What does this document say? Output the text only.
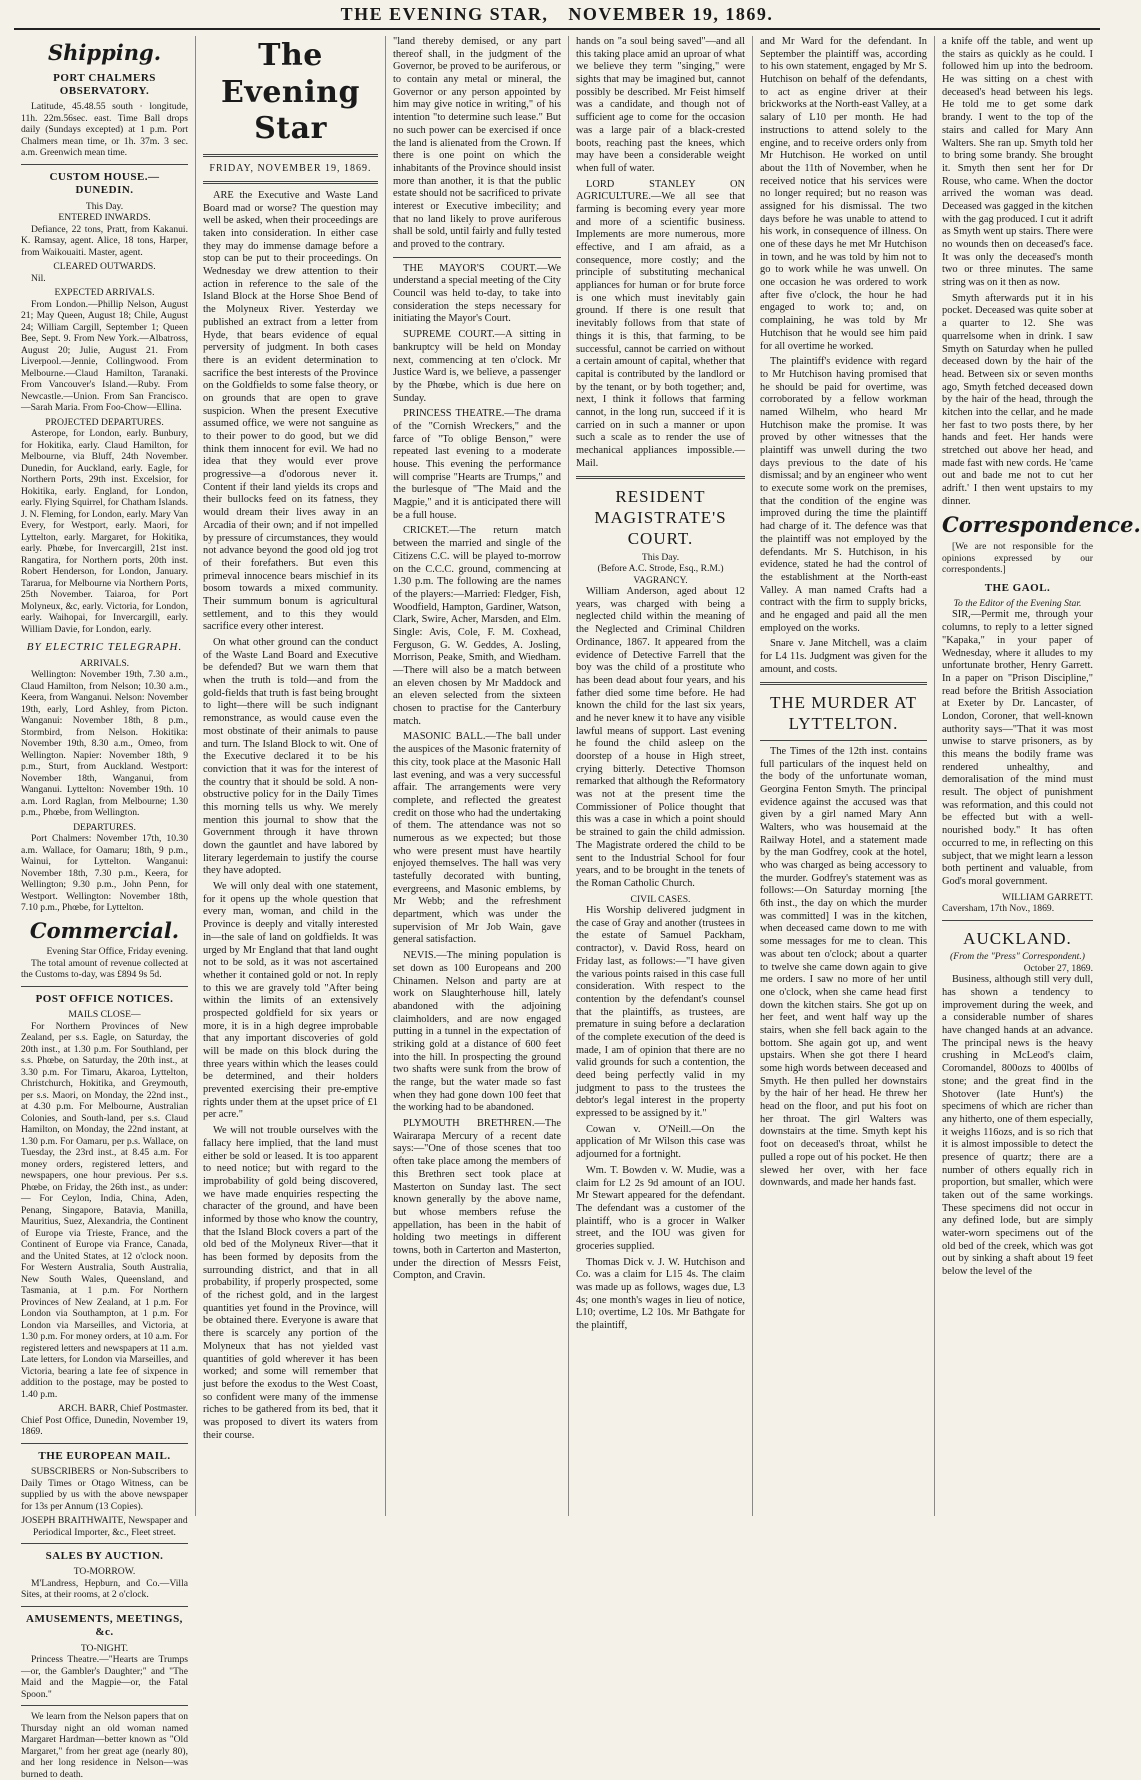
THE EVENING STAR, NOVEMBER 19, 1869.
Shipping.
PORT CHALMERS OBSERVATORY.

Latitude, 45.48.55 south · longitude, 11h. 22m.56sec. east. Time Ball drops daily (Sundays excepted) at 1 p.m. Port Chalmers mean time, or 1h. 37m. 3 sec. a.m. Greenwich mean time.

CUSTOM HOUSE.—DUNEDIN.
This Day.
ENTERED INWARDS.

Defiance, 22 tons, Pratt, from Kakanui. K. Ramsay, agent. Alice, 18 tons, Harper, from Waikouaiti. Master, agent.

CLEARED OUTWARDS.

Nil.

EXPECTED ARRIVALS.

From London.—Phillip Nelson, August 21; May Queen, August 18; Chile, August 24; William Cargill, September 1; Queen Bee, Sept. 9. From New York.—Albatross, August 20; Julie, August 21. From Liverpool.—Jennie, Collingwood. From Melbourne.—Claud Hamilton, Taranaki. From Vancouver's Island.—Ruby. From Newcastle.—Union. From San Francisco.—Sarah Maria. From Foo-Chow—Ellina.

PROJECTED DEPARTURES.

Asterope, for London, early. Bunbury, for Hokitika, early. Claud Hamilton, for Melbourne, via Bluff, 24th November. Dunedin, for Auckland, early. Eagle, for Northern Ports, 29th inst. Excelsior, for Hokitika, early. England, for London, early. Flying Squirrel, for Chatham Islands. J. N. Fleming, for London, early. Mary Van Every, for Westport, early. Maori, for Lyttelton, early. Margaret, for Hokitika, early. Phœbe, for Invercargill, 21st inst. Rangatira, for Northern ports, 20th inst. Robert Henderson, for London, January. Tararua, for Melbourne via Northern Ports, 25th November. Taiaroa, for Port Molyneux, &c, early. Victoria, for London, early. Waihopai, for Invercargill, early. William Davie, for London, early.

BY ELECTRIC TELEGRAPH.
ARRIVALS.

Wellington: November 19th, 7.30 a.m., Claud Hamilton, from Nelson; 10.30 a.m., Keera, from Wanganui. Nelson: November 19th, early, Lord Ashley, from Picton. Wanganui: November 18th, 8 p.m., Stormbird, from Nelson. Hokitika: November 19th, 8.30 a.m., Omeo, from Wellington. Napier: November 18th, 9 p.m., Sturt, from Auckland. Westport: November 18th, Wanganui, from Wanganui. Lyttelton: November 19th. 10 a.m. Lord Raglan, from Melbourne; 1.30 p.m., Phœbe, from Wellington.

DEPARTURES.

Port Chalmers: November 17th, 10.30 a.m. Wallace, for Oamaru; 18th, 9 p.m., Wainui, for Lyttelton. Wanganui: November 18th, 7.30 p.m., Keera, for Wellington; 9.30 p.m., John Penn, for Westport. Wellington: November 18th, 7.10 p.m., Phœbe, for Lyttelton.

Commercial.
Evening Star Office, Friday evening.

The total amount of revenue collected at the Customs to-day, was £894 9s 5d.

POST OFFICE NOTICES.
MAILS CLOSE—

For Northern Provinces of New Zealand, per s.s. Eagle, on Saturday, the 20th inst., at 1.30 p.m. For Southland, per s.s. Phœbe, on Saturday, the 20th inst., at 3.30 p.m. For Timaru, Akaroa, Lyttelton, Christchurch, Hokitika, and Greymouth, per s.s. Maori, on Monday, the 22nd inst., at 4.30 p.m. For Melbourne, Australian Colonies, and South-land, per s.s. Claud Hamilton, on Monday, the 22nd instant, at 1.30 p.m. For Oamaru, per p.s. Wallace, on Tuesday, the 23rd inst., at 8.45 a.m. For money orders, registered letters, and newspapers, one hour previous. Per s.s. Phœbe, on Friday, the 26th inst., as under:— For Ceylon, India, China, Aden, Penang, Singapore, Batavia, Manilla, Mauritius, Suez, Alexandria, the Continent of Europe via Trieste, France, and the Continent of Europe via France, Canada, and the United States, at 12 o'clock noon. For Western Australia, South Australia, New South Wales, Queensland, and Tasmania, at 1 p.m. For Northern Provinces of New Zealand, at 1 p.m. For London via Southampton, at 1 p.m. For London via Marseilles, and Victoria, at 1.30 p.m. For money orders, at 10 a.m. For registered letters and newspapers at 11 a.m. Late letters, for London via Marseilles, and Victoria, bearing a late fee of sixpence in addition to the postage, may be posted to 1.40 p.m.

ARCH. BARR, Chief Postmaster.
Chief Post Office, Dunedin, November 19, 1869.
THE EUROPEAN MAIL.

SUBSCRIBERS or Non-Subscribers to Daily Times or Otago Witness, can be supplied by us with the above newspaper for 13s per Annum (13 Copies).

JOSEPH BRAITHWAITE, Newspaper and Periodical Importer, &c., Fleet street.
SALES BY AUCTION.
TO-MORROW.

M'Landress, Hepburn, and Co.—Villa Sites, at their rooms, at 2 o'clock.

AMUSEMENTS, MEETINGS, &c.
TO-NIGHT.

Princess Theatre.—"Hearts are Trumps—or, the Gambler's Daughter;" and "The Maid and the Magpie—or, the Fatal Spoon."

We learn from the Nelson papers that on Thursday night an old woman named Margaret Hardman—better known as "Old Margaret," from her great age (nearly 80), and her long residence in Nelson—was burned to death.

The Evening Star
FRIDAY, NOVEMBER 19, 1869.

ARE the Executive and Waste Land Board mad or worse? The question may well be asked, when their proceedings are taken into consideration. In either case they may do immense damage before a stop can be put to their proceedings. On Wednesday we drew attention to their action in reference to the sale of the Island Block at the Horse Shoe Bend of the Molyneux River. Yesterday we published an extract from a letter from Hyde, that bears evidence of equal perversity of judgment. In both cases there is an evident determination to sacrifice the best interests of the Province on the Goldfields to some false theory, or on grounds that are open to grave suspicion. When the present Executive assumed office, we were not sanguine as to their power to do good, but we did think them innocent for evil. We had no idea that they would ever prove progressive—a d'odorous never it. Content if their land yields its crops and their bullocks feed on its fatness, they would dream their lives away in an Arcadia of their own; and if not impelled by pressure of circumstances, they would not advance beyond the good old jog trot of their forefathers. But even this primeval innocence bears mischief in its bosom towards a mixed community. Their summum bonum is agricultural settlement, and to this they would sacrifice every other interest.

On what other ground can the conduct of the Waste Land Board and Executive be defended? But we warn them that when the truth is told—and from the gold-fields that truth is fast being brought to light—there will be such indignant remonstrance, as would cause even the most obstinate of their animals to pause and turn. The Island Block to wit. One of the Executive declared it to be his conviction that it was for the interest of the country that it should be sold. A non-obstructive policy for in the Daily Times this morning tells us why. We merely mention this journal to show that the Government through it have thrown down the gauntlet and have labored by literary legerdemain to justify the course they have adopted.

We will only deal with one statement, for it opens up the whole question that every man, woman, and child in the Province is deeply and vitally interested in—the sale of land on goldfields. It was urged by Mr England that that land ought not to be sold, as it was not ascertained whether it contained gold or not. In reply to this we are gravely told "After being within the limits of an extensively prospected goldfield for six years or more, it is in a high degree improbable that any important discoveries of gold will be made on this block during the three years within which the leases could be determined, and their holders prevented exercising their pre-emptive rights under them at the upset price of £1 per acre."

We will not trouble ourselves with the fallacy here implied, that the land must either be sold or leased. It is too apparent to need notice; but with regard to the improbability of gold being discovered, we have made enquiries respecting the character of the ground, and have been informed by those who know the country, that the Island Block covers a part of the old bed of the Molyneux River—that it has been formed by deposits from the surrounding district, and that in all probability, if properly prospected, some of the richest gold, and in the largest quantities yet found in the Province, will be obtained there. Everyone is aware that there is scarcely any portion of the Molyneux that has not yielded vast quantities of gold wherever it has been worked; and some will remember that just before the exodus to the West Coast, so confident were many of the immense riches to be gathered from its bed, that it was proposed to divert its waters from their course.

"land thereby demised, or any part thereof shall, in the judgment of the Governor, be proved to be auriferous, or to contain any metal or mineral, the Governor or any person appointed by him may give notice in writing," of his intention "to determine such lease." But no such power can be exercised if once the land is alienated from the Crown. If there is one point on which the inhabitants of the Province should insist more than another, it is that the public estate should not be sacrificed to private interest or Executive imbecility; and that no land likely to prove auriferous shall be sold, until fairly and fully tested and proved to the contrary.

THE MAYOR'S COURT.—We understand a special meeting of the City Council was held to-day, to take into consideration the steps necessary for initiating the Mayor's Court.

SUPREME COURT.—A sitting in bankruptcy will be held on Monday next, commencing at ten o'clock. Mr Justice Ward is, we believe, a passenger by the Phœbe, which is due here on Sunday.

PRINCESS THEATRE.—The drama of the "Cornish Wreckers," and the farce of "To oblige Benson," were repeated last evening to a moderate house. This evening the performance will comprise "Hearts are Trumps," and the burlesque of "The Maid and the Magpie," and it is anticipated there will be a full house.

CRICKET.—The return match between the married and single of the Citizens C.C. will be played to-morrow on the C.C.C. ground, commencing at 1.30 p.m. The following are the names of the players:—Married: Fledger, Fish, Woodfield, Hampton, Gardiner, Watson, Clark, Swire, Acher, Marsden, and Elm. Single: Avis, Cole, F. M. Coxhead, Ferguson, G. W. Geddes, A. Josling, Morrison, Peake, Smith, and Wiedham.—There will also be a match between an eleven chosen by Mr Maddock and an eleven selected from the sixteen chosen to practise for the Canterbury match.

MASONIC BALL.—The ball under the auspices of the Masonic fraternity of this city, took place at the Masonic Hall last evening, and was a very successful affair. The arrangements were very complete, and reflected the greatest credit on those who had the undertaking of them. The attendance was not so numerous as we expected; but those who were present must have heartily enjoyed themselves. The hall was very tastefully decorated with bunting, evergreens, and Masonic emblems, by Mr Webb; and the refreshment department, which was under the supervision of Mr Job Wain, gave general satisfaction.

NEVIS.—The mining population is set down as 100 Europeans and 200 Chinamen. Nelson and party are at work on Slaughterhouse hill, lately abandoned with the adjoining claimholders, and are now engaged putting in a tunnel in the expectation of striking gold at a distance of 600 feet into the hill. In prospecting the ground two shafts were sunk from the brow of the range, but the water made so fast when they had gone down 100 feet that the working had to be abandoned.

PLYMOUTH BRETHREN.—The Wairarapa Mercury of a recent date says:—"One of those scenes that too often take place among the members of this Brethren sect took place at Masterton on Sunday last. The sect known generally by the above name, but whose members refuse the appellation, has been in the habit of holding two meetings in different towns, both in Carterton and Masterton, under the direction of Messrs Feist, Compton, and Cravin.

hands on "a soul being saved"—and all this taking place amid an uproar of what we believe they term "singing," were sights that may be imagined but, cannot possibly be described. Mr Feist himself was a candidate, and though not of sufficient age to come for the occasion was a large pair of a black-crested boots, reaching past the knees, which may have been a considerable weight when full of water.

LORD STANLEY ON AGRICULTURE.—We all see that farming is becoming every year more and more of a scientific business. Implements are more numerous, more effective, and I am afraid, as a consequence, more costly; and the principle of substituting mechanical appliances for human or for brute force is one which must inevitably gain ground. If there is one result that inevitably follows from that state of things it is this, that farming, to be successful, cannot be carried on without a certain amount of capital, whether that capital is contributed by the landlord or by the tenant, or by both together; and, next, I think it follows that farming cannot, in the long run, succeed if it is carried on in such a manner or upon such a scale as to render the use of mechanical appliances impossible.—Mail.

RESIDENT MAGISTRATE'S COURT.
This Day.
(Before A.C. Strode, Esq., R.M.)
VAGRANCY.

William Anderson, aged about 12 years, was charged with being a neglected child within the meaning of the Neglected and Criminal Children Ordinance, 1867. It appeared from the evidence of Detective Farrell that the boy was the child of a prostitute who has been dead about four years, and his father died some time before. He had known the child for the last six years, and he never knew it to have any visible lawful means of support. Last evening he found the child asleep on the doorstep of a house in High street, crying bitterly. Detective Thomson remarked that although the Reformatory was not at the present time the Commissioner of Police thought that this was a case in which a point should be strained to gain the child admission. The Magistrate ordered the child to be sent to the Industrial School for four years, and to be brought in the tenets of the Roman Catholic Church.

CIVIL CASES.

His Worship delivered judgment in the case of Gray and another (trustees in the estate of Samuel Packham, contractor), v. David Ross, heard on Friday last, as follows:—"I have given the various points raised in this case full consideration. With respect to the contention by the defendant's counsel that the plaintiffs, as trustees, are premature in suing before a declaration of the complete execution of the deed is made, I am of opinion that there are no valid grounds for such a contention, the deed being perfectly valid in my judgment to pass to the trustees the debtor's legal interest in the property expressed to be assigned by it."

Cowan v. O'Neill.—On the application of Mr Wilson this case was adjourned for a fortnight.

Wm. T. Bowden v. W. Mudie, was a claim for L2 2s 9d amount of an IOU. Mr Stewart appeared for the defendant. The defendant was a customer of the plaintiff, who is a grocer in Walker street, and the IOU was given for groceries supplied.

Thomas Dick v. J. W. Hutchison and Co. was a claim for L15 4s. The claim was made up as follows, wages due, L3 4s; one month's wages in lieu of notice, L10; overtime, L2 10s. Mr Bathgate for the plaintiff,

and Mr Ward for the defendant. In September the plaintiff was, according to his own statement, engaged by Mr S. Hutchison on behalf of the defendants, to act as engine driver at their brickworks at the North-east Valley, at a salary of L10 per month. He had instructions to attend solely to the engine, and to receive orders only from Mr Hutchison. He worked on until about the 11th of November, when he received notice that his services were no longer required; but no reason was assigned for his dismissal. The two days before he was unable to attend to his work, in consequence of illness. On one of these days he met Mr Hutchison in town, and he was told by him not to go to work while he was unwell. On one occasion he was ordered to work after five o'clock, the hour he had engaged to work to; and, on complaining, he was told by Mr Hutchison that he would see him paid for all overtime he worked.

The plaintiff's evidence with regard to Mr Hutchison having promised that he should be paid for overtime, was corroborated by a fellow workman named Wilhelm, who heard Mr Hutchison make the promise. It was proved by other witnesses that the plaintiff was unwell during the two days previous to the date of his dismissal; and by an engineer who went to execute some work on the premises, that the condition of the engine was improved during the time the plaintiff had charge of it. The defence was that the plaintiff was not employed by the defendants. Mr S. Hutchison, in his evidence, stated he had the control of the establishment at the North-east Valley. A man named Crafts had a contract with the firm to supply bricks, and he engaged and paid all the men employed on the works.

Snare v. Jane Mitchell, was a claim for L4 11s. Judgment was given for the amount, and costs.

THE MURDER AT LYTTELTON.

The Times of the 12th inst. contains full particulars of the inquest held on the body of the unfortunate woman, Georgina Fenton Smyth. The principal evidence against the accused was that given by a girl named Mary Ann Walters, who was housemaid at the Railway Hotel, and a statement made by the man Godfrey, cook at the hotel, who was charged as being accessory to the murder. Godfrey's statement was as follows:—On Saturday morning [the 6th inst., the day on which the murder was committed] I was in the kitchen, when deceased came down to me with some messages for me to clean. This was about ten o'clock; about a quarter to twelve she came down again to give me orders. I saw no more of her until one o'clock, when she came head first down the kitchen stairs. She got up on her feet, and went half way up the stairs, when she fell back again to the bottom. She again got up, and went upstairs. When she got there I heard some high words between deceased and Smyth. He then pulled her downstairs by the hair of her head. He threw her head on the floor, and put his foot on her throat. The girl Walters was downstairs at the time. Smyth kept his foot on deceased's throat, whilst he pulled a rope out of his pocket. He then slewed her over, with her face downwards, and made her hands fast.

a knife off the table, and went up the stairs as quickly as he could. I followed him up into the bedroom. He was sitting on a chest with deceased's head between his legs. He told me to get some dark brandy. I went to the top of the stairs and called for Mary Ann Walters. She ran up. Smyth told her to bring some brandy. She brought it. Smyth then sent her for Dr Rouse, who came. When the doctor arrived the woman was dead. Deceased was gagged in the kitchen with the gag produced. I cut it adrift as Smyth went up stairs. There were no wounds then on deceased's face. It was only the deceased's month two or three minutes. The same string was on it then as now.

Smyth afterwards put it in his pocket. Deceased was quite sober at a quarter to 12. She was quarrelsome when in drink. I saw Smyth on Saturday when he pulled deceased down by the hair of the head. Between six or seven months ago, Smyth fetched deceased down by the hair of the head, through the kitchen into the cellar, and he made her fast to two posts there, by her hands and feet. Her hands were stretched out above her head, and made fast with new cords. He 'came out and bade me not to cut her adrift.' I then went upstairs to my dinner.

Correspondence.

[We are not responsible for the opinions expressed by our correspondents.]

THE GAOL.
To the Editor of the Evening Star.

SIR,—Permit me, through your columns, to reply to a letter signed "Kapaka," in your paper of Wednesday, where it alludes to my unfortunate brother, Henry Garrett. In a paper on "Prison Discipline," read before the British Association at Exeter by Dr. Lancaster, of London, Coroner, that well-known authority says—"That it was most unwise to starve prisoners, as by this means the bodily frame was rendered unhealthy, and demoralisation of the mind must result. The object of punishment was reformation, and this could not be effected but with a well-nourished body." It has often occurred to me, in reflecting on this subject, that we might learn a lesson both pertinent and valuable, from God's moral government.

WILLIAM GARRETT.
Caversham, 17th Nov., 1869.
AUCKLAND.
(From the "Press" Correspondent.)
October 27, 1869.

Business, although still very dull, has shown a tendency to improvement during the week, and a considerable number of shares have changed hands at an advance. The principal news is the heavy crushing in McLeod's claim, Coromandel, 800ozs to 400lbs of stone; and the great find in the Shotover (late Hunt's) the specimens of which are richer than any hitherto, one of them especially, it weighs 116ozs, and is so rich that it is almost impossible to detect the presence of quartz; there are a number of others equally rich in proportion, but smaller, which were taken out of the same workings. These specimens did not occur in any defined lode, but are simply water-worn specimens out of the old bed of the creek, which was got out by sinking a shaft about 19 feet below the level of the
